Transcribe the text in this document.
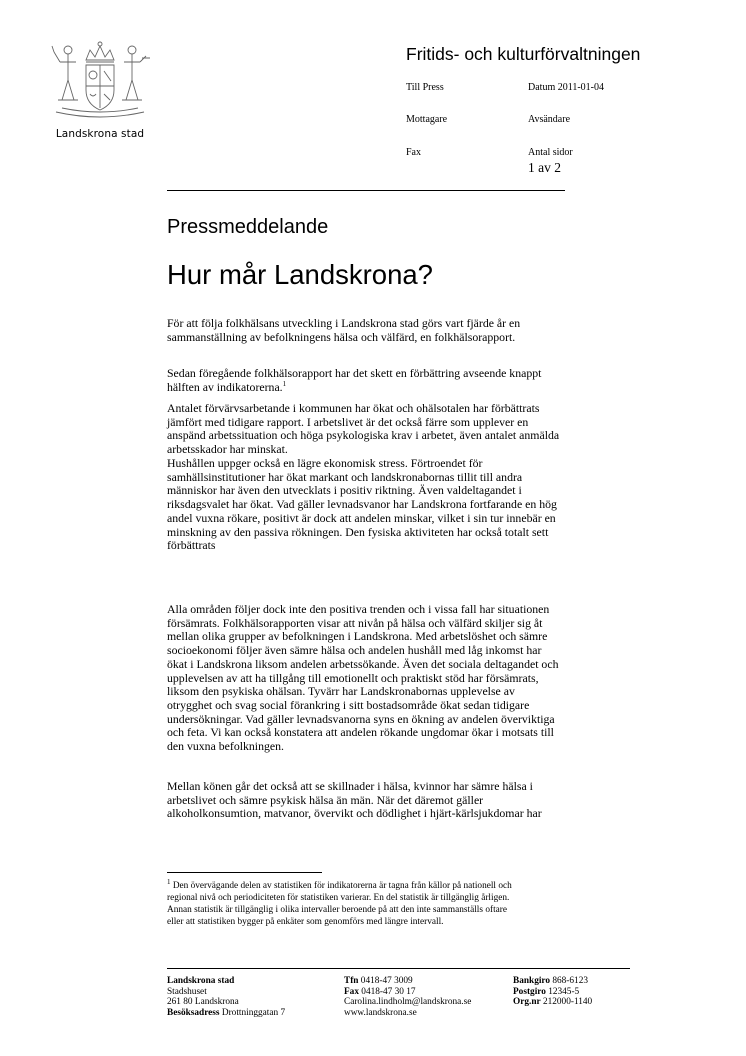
Landskrona stad
Fritids- och kulturförvaltningen
Till Press	Datum 2011-01-04
Mottagare	Avsändare
Fax	Antal sidor
1 av 2
Pressmeddelande
Hur mår Landskrona?

För att följa folkhälsans utveckling i Landskrona stad görs vart fjärde år en
sammanställning av befolkningens hälsa och välfärd, en folkhälsorapport.

Sedan föregående folkhälsorapport har det skett en förbättring avseende knappt
hälften av indikatorerna.$^1$

Antalet förvärvsarbetande i kommunen har ökat och ohälsotalen har förbättrats
jämfört med tidigare rapport. I arbetslivet är det också färre som upplever en
anspänd arbetssituation och höga psykologiska krav i arbetet, även antalet anmälda
arbetsskador har minskat.

Hushållen uppger också en lägre ekonomisk stress. Förtroendet för
samhällsinstitutioner har ökat markant och landskronabornas tillit till andra
människor har även den utvecklats i positiv riktning. Även valdeltagandet i
riksdagsvalet har ökat. Vad gäller levnadsvanor har Landskrona fortfarande en hög
andel vuxna rökare, positivt är dock att andelen minskar, vilket i sin tur innebär en
minskning av den passiva rökningen. Den fysiska aktiviteten har också totalt sett
förbättrats

Alla områden följer dock inte den positiva trenden och i vissa fall har situationen
försämrats. Folkhälsorapporten visar att nivån på hälsa och välfärd skiljer sig åt
mellan olika grupper av befolkningen i Landskrona. Med arbetslöshet och sämre
socioekonomi följer även sämre hälsa och andelen hushåll med låg inkomst har
ökat i Landskrona liksom andelen arbetssökande. Även det sociala deltagandet och
upplevelsen av att ha tillgång till emotionellt och praktiskt stöd har försämrats,
liksom den psykiska ohälsan. Tyvärr har Landskronabornas upplevelse av
otrygghet och svag social förankring i sitt bostadsområde ökat sedan tidigare
undersökningar. Vad gäller levnadsvanorna syns en ökning av andelen överviktiga
och feta. Vi kan också konstatera att andelen rökande ungdomar ökar i motsats till
den vuxna befolkningen.

Mellan könen går det också att se skillnader i hälsa, kvinnor har sämre hälsa i
arbetslivet och sämre psykisk hälsa än män. När det däremot gäller
alkoholkonsumtion, matvanor, övervikt och dödlighet i hjärt-kärlsjukdomar har

$^1$ Den övervägande delen av statistiken för indikatorerna är tagna från källor på nationell och
regional nivå och periodiciteten för statistiken varierar. En del statistik är tillgänglig årligen.
Annan statistik är tillgänglig i olika intervaller beroende på att den inte sammanställs oftare
eller att statistiken bygger på enkäter som genomförs med längre intervall.
Landskrona stad
Stadshuset
261 80 Landskrona
Besöksadress Drottninggatan 7
Tfn 0418-47 3009
Fax 0418-47 30 17
Carolina.lindholm@landskrona.se
www.landskrona.se
Bankgiro 868-6123
Postgiro 12345-5
Org.nr 212000-1140
